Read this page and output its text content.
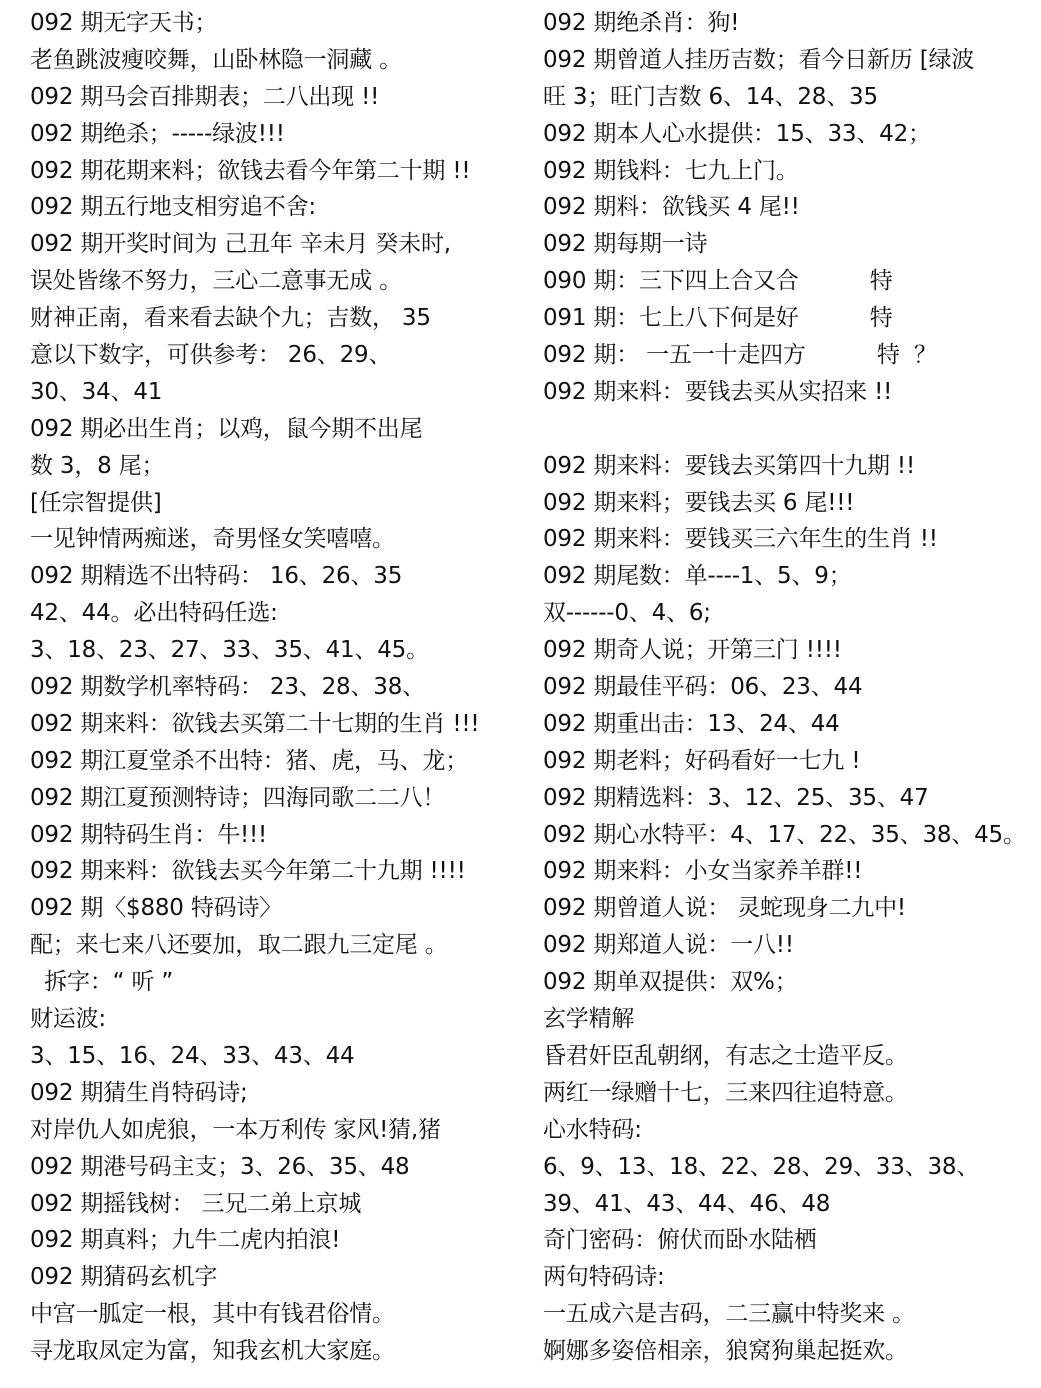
092 期无字天书；
老鱼跳波瘦咬舞，山卧林隐一洞藏 。
092 期马会百排期表；二八出现 !!
092 期绝杀；-----绿波!!!
092 期花期来料；欲钱去看今年第二十期 !!
092 期五行地支相穷追不舍:
092 期开奖时间为 己丑年 辛未月 癸未时,
误处皆缘不努力，三心二意事无成 。
财神正南，看来看去缺个九；吉数， 35
意以下数字，可供参考： 26、29、
30、34、41
092 期必出生肖；以鸡，鼠今期不出尾
数 3，8 尾；
[任宗智提供]
一见钟情两痴迷，奇男怪女笑嘻嘻。
092 期精选不出特码： 16、26、35
42、44。必出特码任选:
3、18、23、27、33、35、41、45。
092 期数学机率特码： 23、28、38、
092 期来料：欲钱去买第二十七期的生肖 !!!
092 期江夏堂杀不出特：猪、虎，马、龙；
092 期江夏预测特诗；四海同歌二二八！
092 期特码生肖：牛!!!
092 期来料：欲钱去买今年第二十九期 !!!!
092 期〈$880 特码诗〉
配；来七来八还要加，取二跟九三定尾 。
拆字：“ 听 ”
财运波:
3、15、16、24、33、43、44
092 期猜生肖特码诗;
对岸仇人如虎狼，一本万利传 家风!猜,猪
092 期港号码主支；3、26、35、48
092 期摇钱树： 三兄二弟上京城
092 期真料；九牛二虎内拍浪!
092 期猜码玄机字
中宫一胍定一根，其中有钱君俗情。
寻龙取凤定为富，知我玄机大家庭。
092 期绝杀肖：狗!
092 期曾道人挂历吉数；看今日新历 [绿波
旺 3；旺门吉数 6、14、28、35
092 期本人心水提供：15、33、42；
092 期钱料：七九上门。
092 期料：欲钱买 4 尾!!
092 期每期一诗
090 期：三下四上合又合          特
091 期：七上八下何是好          特
092 期： 一五一十走四方          特  ？
092 期来料：要钱去买从实招来 !!
092 期来料：要钱去买第四十九期 !!
092 期来料；要钱去买 6 尾!!!
092 期来料：要钱买三六年生的生肖 !!
092 期尾数：单----1、5、9；
双------0、4、6;
092 期奇人说；开第三门 !!!!
092 期最佳平码：06、23、44
092 期重出击：13、24、44
092 期老料；好码看好一七九 !
092 期精选料：3、12、25、35、47
092 期心水特平：4、17、22、35、38、45。
092 期来料：小女当家养羊群!!
092 期曾道人说： 灵蛇现身二九中!
092 期郑道人说：一八!!
092 期单双提供：双%；
玄学精解
昏君奸臣乱朝纲，有志之士造平反。
两红一绿赠十七，三来四往追特意。
心水特码:
6、9、13、18、22、28、29、33、38、
39、41、43、44、46、48
奇门密码：俯伏而卧水陆栖
两句特码诗:
一五成六是吉码，二三赢中特奖来 。
婀娜多姿倍相亲，狼窝狗巢起挺欢。
